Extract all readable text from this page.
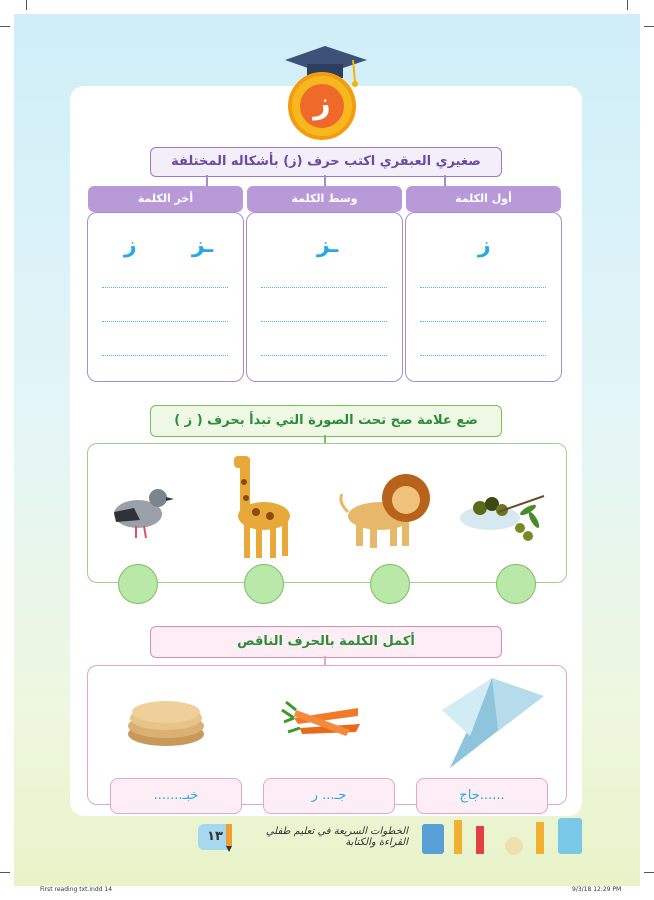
ز
صغيري العبقري اكتب حرف (ز) بأشكاله المختلفة
أخر الكلمة	وسط الكلمة	أول الكلمة
ز	ـز	ـز	ز
ضع علامة صح تحت الصورة التي تبدأ بحرف ( ز )
أكمل الكلمة بالحرف الناقص
خبـ.......	جـ... ر	......جاج
١٣	الخطوات السريعة في تعليم طفلي القراءة والكتابة
First reading txt.indd 14	9/3/18 12:29 PM
